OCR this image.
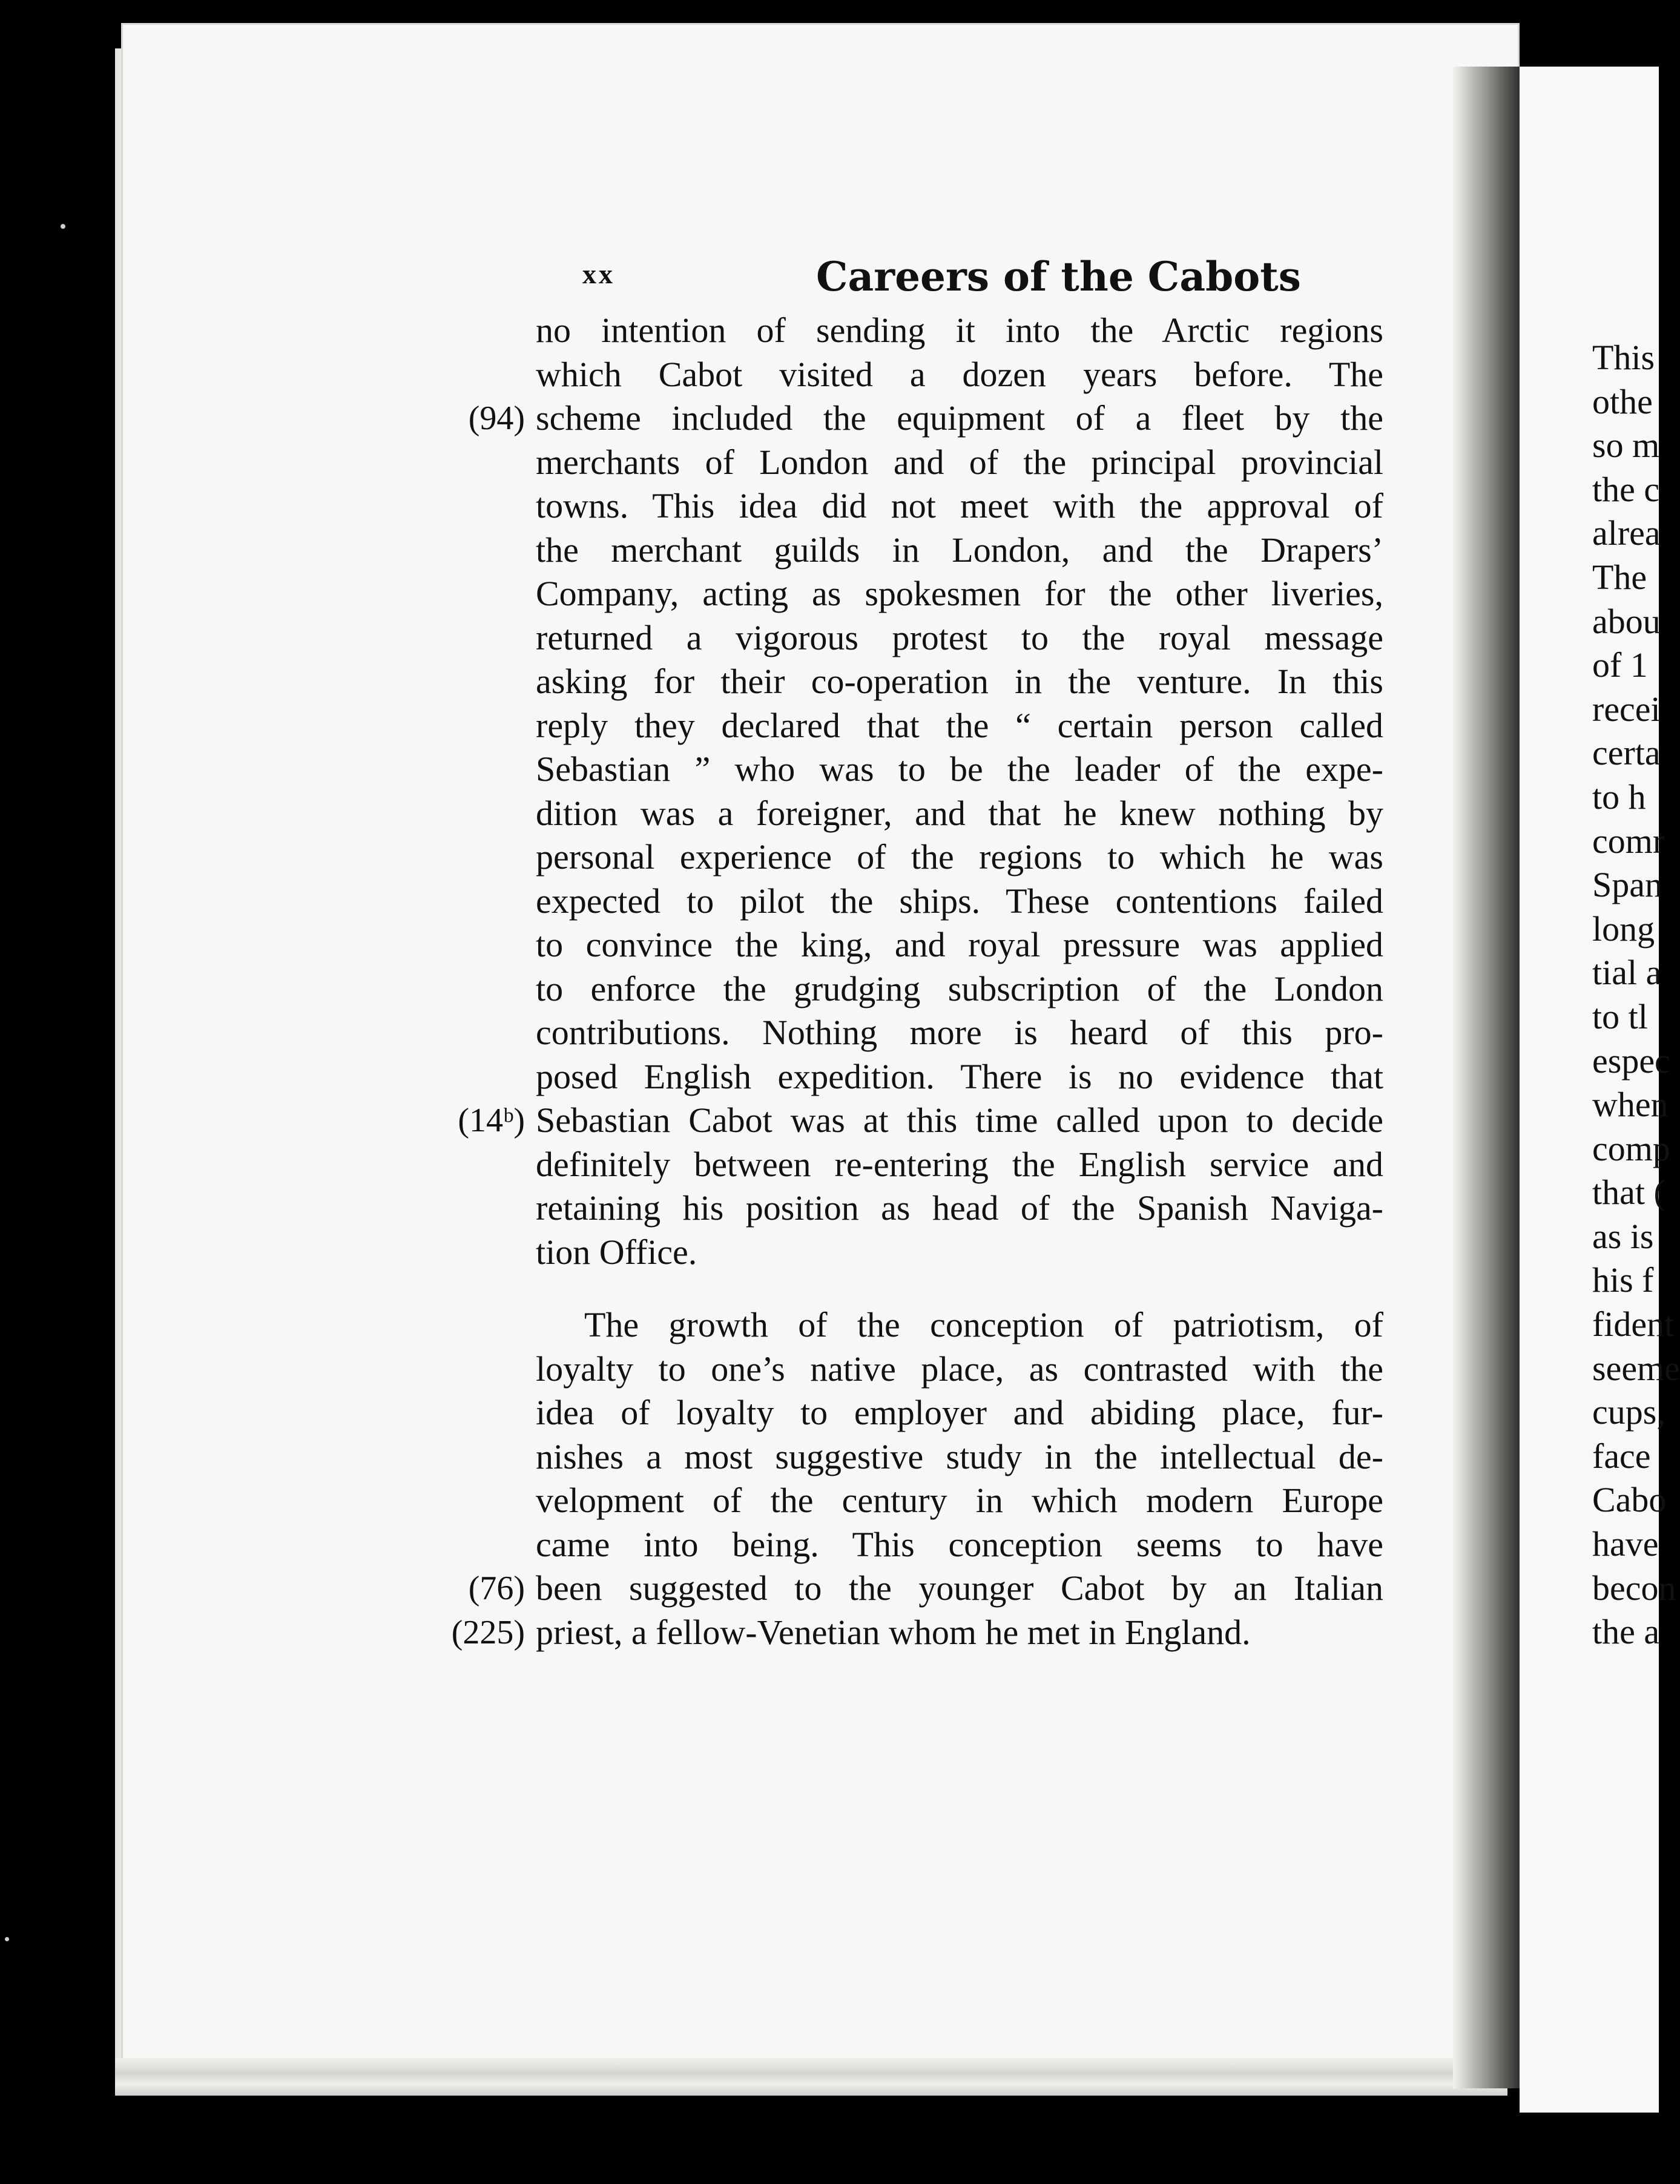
xx	Careers of the Cabots
no intention of sending it into the Arctic regions
which Cabot visited a dozen years before. The
(94) scheme included the equipment of a fleet by the
merchants of London and of the principal provincial
towns. This idea did not meet with the approval of
the merchant guilds in London, and the Drapers’
Company, acting as spokesmen for the other liveries,
returned a vigorous protest to the royal message
asking for their co-operation in the venture. In this
reply they declared that the “ certain person called
Sebastian ” who was to be the leader of the expe-
dition was a foreigner, and that he knew nothing by
personal experience of the regions to which he was
expected to pilot the ships. These contentions failed
to convince the king, and royal pressure was applied
to enforce the grudging subscription of the London
contributions. Nothing more is heard of this pro-
posed English expedition. There is no evidence that
(14ᵇ) Sebastian Cabot was at this time called upon to decide
definitely between re-entering the English service and
retaining his position as head of the Spanish Naviga-
tion Office.
The growth of the conception of patriotism, of
loyalty to one’s native place, as contrasted with the
idea of loyalty to employer and abiding place, fur-
nishes a most suggestive study in the intellectual de-
velopment of the century in which modern Europe
came into being. This conception seems to have
(76) been suggested to the younger Cabot by an Italian
(225) priest, a fellow-Venetian whom he met in England.
This
othe
so m
the c
alrea
The
abou
of 1
recei
certa
to h
comr
Span
long
tial a
to tl
espec
when
comp
that (
as is
his f
fident
seeme
cups,
face
Cabo
have
becon
the a
